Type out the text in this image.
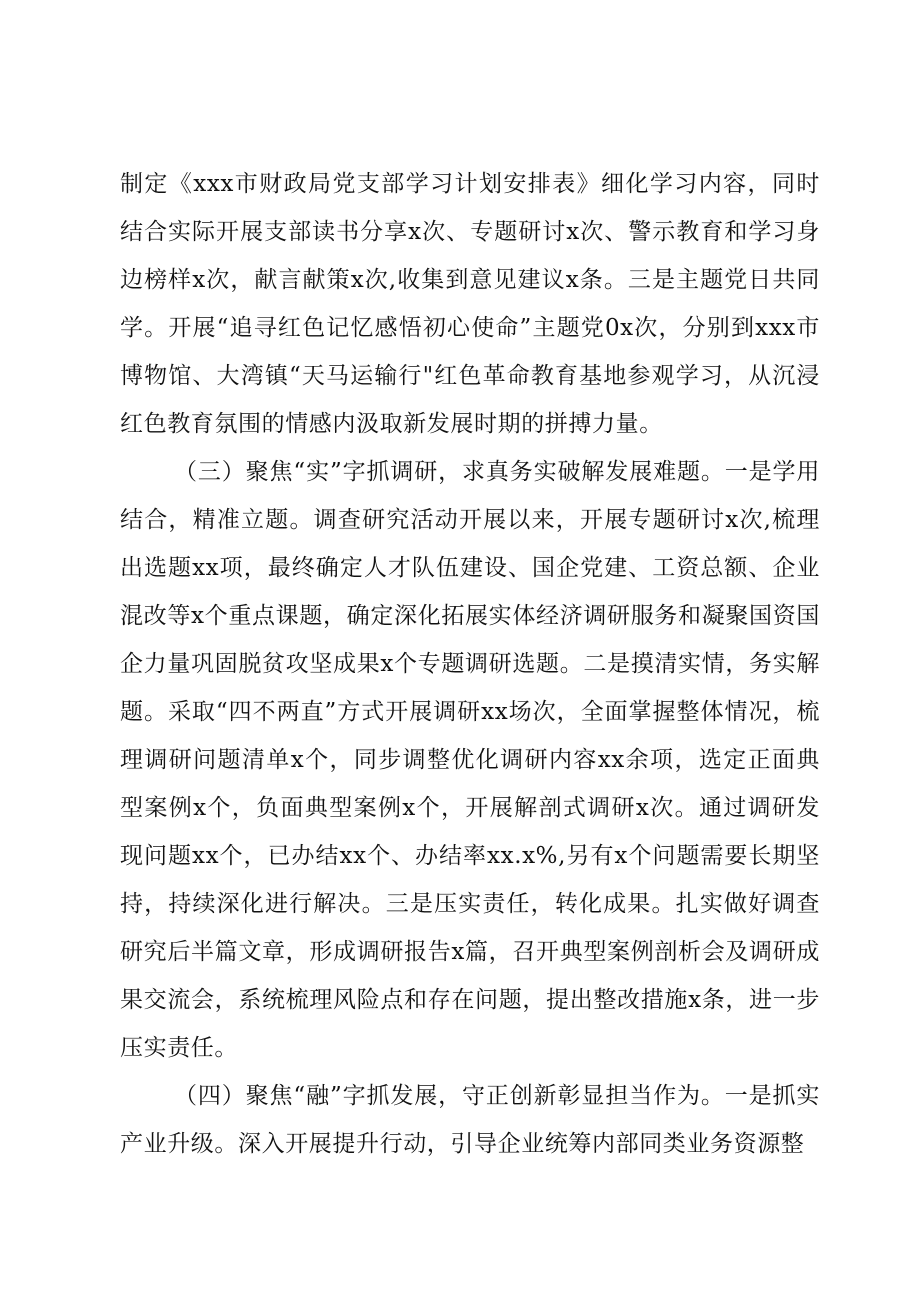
制定《xxx市财政局党支部学习计划安排表》细化学习内容，同时结合实际开展支部读书分享x次、专题研讨x次、警示教育和学习身边榜样x次，献言献策x次,收集到意见建议x条。三是主题党日共同学。开展“追寻红色记忆感悟初心使命”主题党0x次，分别到xxx市博物馆、大湾镇“天马运输行"红色革命教育基地参观学习，从沉浸红色教育氛围的情感内汲取新发展时期的拼搏力量。

（三）聚焦“实”字抓调研，求真务实破解发展难题。一是学用结合，精准立题。调查研究活动开展以来，开展专题研讨x次,梳理出选题xx项，最终确定人才队伍建设、国企党建、工资总额、企业混改等x个重点课题，确定深化拓展实体经济调研服务和凝聚国资国企力量巩固脱贫攻坚成果x个专题调研选题。二是摸清实情，务实解题。采取“四不两直”方式开展调研xx场次，全面掌握整体情况，梳理调研问题清单x个，同步调整优化调研内容xx余项，选定正面典型案例x个，负面典型案例x个，开展解剖式调研x次。通过调研发现问题xx个，已办结xx个、办结率xx.x%,另有x个问题需要长期坚持，持续深化进行解决。三是压实责任，转化成果。扎实做好调查研究后半篇文章，形成调研报告x篇，召开典型案例剖析会及调研成果交流会，系统梳理风险点和存在问题，提出整改措施x条，进一步压实责任。

（四）聚焦“融”字抓发展，守正创新彰显担当作为。一是抓实产业升级。深入开展提升行动，引导企业统筹内部同类业务资源整
